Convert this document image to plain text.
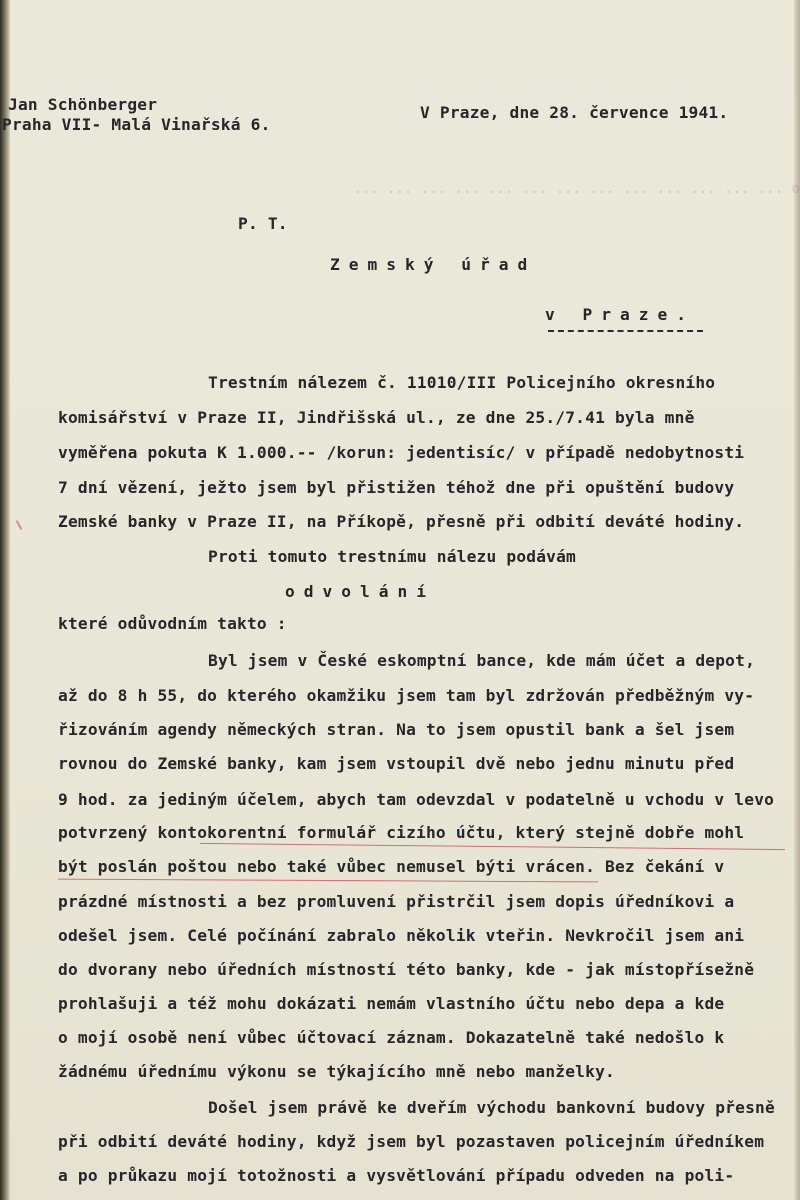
o ... ... ... ... ... ... ... ... ... ... ... ... ...
Jan Schönberger
Praha VII- Malá Vinařská 6.
V Praze, dne 28. července 1941.
P. T.
Zemský úřad
v Praze.
Trestním nálezem č. 11010/III Policejního okresního
komisářství v Praze II, Jindřišská ul., ze dne 25./7.41 byla mně
vyměřena pokuta K 1.000.-- /korun: jedentisíc/ v případě nedobytnosti
7 dní vězení, ježto jsem byl přistižen téhož dne při opuštění budovy
Zemské banky v Praze II, na Příkopě, přesně při odbití deváté hodiny.
Proti tomuto trestnímu nálezu podávám
odvolání
které odůvodním takto :
Byl jsem v České eskomptní bance, kde mám účet a depot,
až do 8 h 55, do kterého okamžiku jsem tam byl zdržován předběžným vy-
řizováním agendy německých stran. Na to jsem opustil bank a šel jsem
rovnou do Zemské banky, kam jsem vstoupil dvě nebo jednu minutu před
9 hod. za jediným účelem, abych tam odevzdal v podatelně u vchodu v levo
potvrzený kontokorentní formulář cizího účtu, který stejně dobře mohl
být poslán poštou nebo také vůbec nemusel býti vrácen. Bez čekání v
prázdné místnosti a bez promluvení přistrčil jsem dopis úředníkovi a
odešel jsem. Celé počínání zabralo několik vteřin. Nevkročil jsem ani
do dvorany nebo úředních místností této banky, kde - jak místopřísežně
prohlašuji a též mohu dokázati nemám vlastního účtu nebo depa a kde
o mojí osobě není vůbec účtovací záznam. Dokazatelně také nedošlo k
žádnému úřednímu výkonu se týkajícího mně nebo manželky.
Došel jsem právě ke dveřím východu bankovní budovy přesně
při odbití deváté hodiny, když jsem byl pozastaven policejním úředníkem
a po průkazu mojí totožnosti a vysvětlování případu odveden na poli-
